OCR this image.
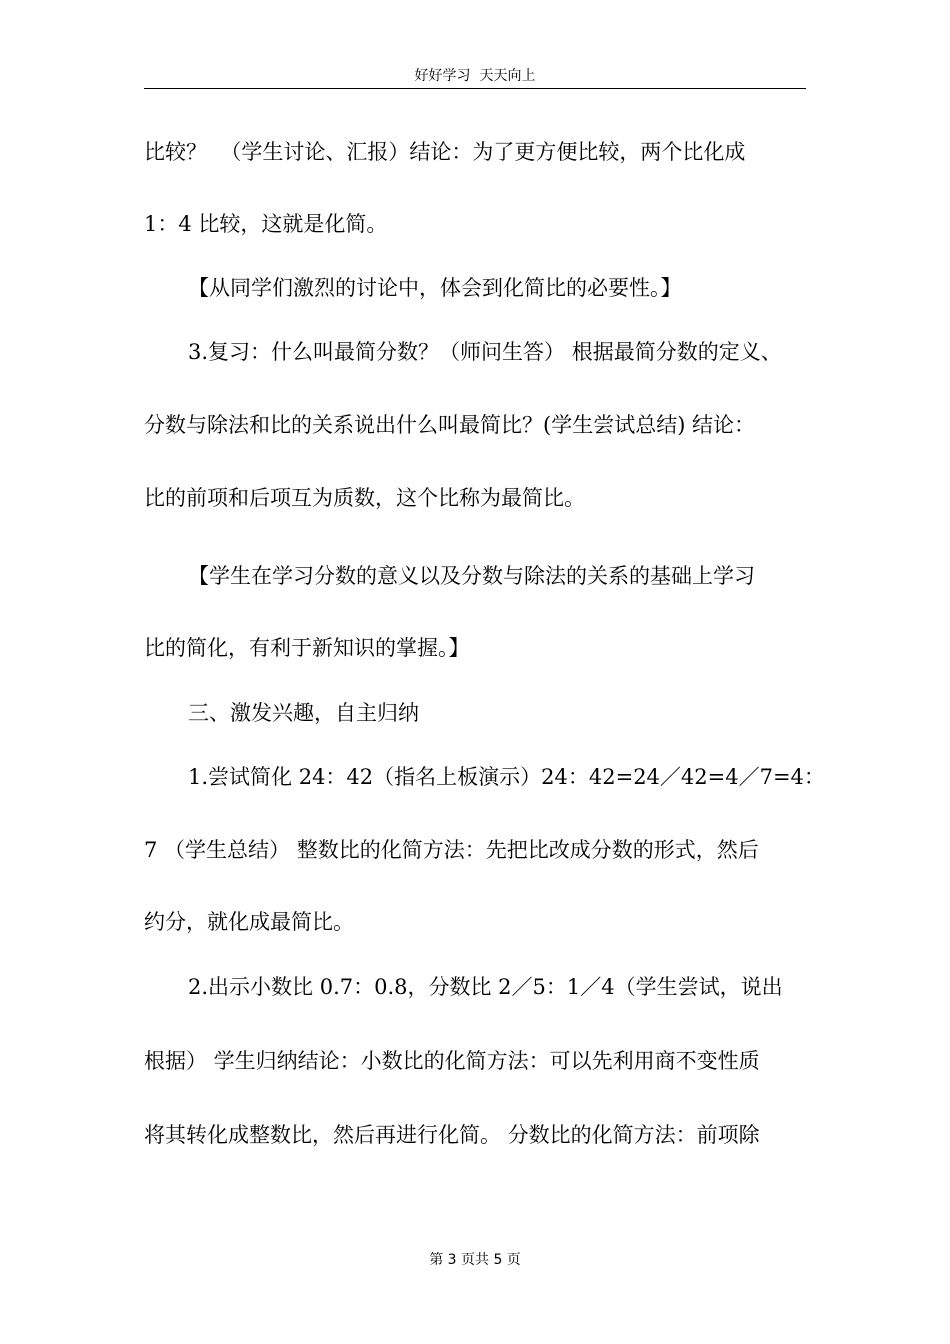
好好学习  天天向上
比较？  （学生讨论、汇报）结论：为了更方便比较，两个比化成
1：4 比较，这就是化简。
【从同学们激烈的讨论中，体会到化简比的必要性。】
3.复习：什么叫最简分数？（师问生答） 根据最简分数的定义、
分数与除法和比的关系说出什么叫最简比？(学生尝试总结) 结论：
比的前项和后项互为质数，这个比称为最简比。
【学生在学习分数的意义以及分数与除法的关系的基础上学习
比的简化，有利于新知识的掌握。】
三、激发兴趣，自主归纳
1.尝试简化 24：42（指名上板演示）24：42=24／42=4／7=4：
7 （学生总结） 整数比的化简方法：先把比改成分数的形式，然后
约分，就化成最简比。
2.出示小数比 0.7：0.8，分数比 2／5：1／4（学生尝试，说出
根据） 学生归纳结论：小数比的化简方法：可以先利用商不变性质
将其转化成整数比，然后再进行化简。 分数比的化简方法：前项除
第 3 页共 5 页
